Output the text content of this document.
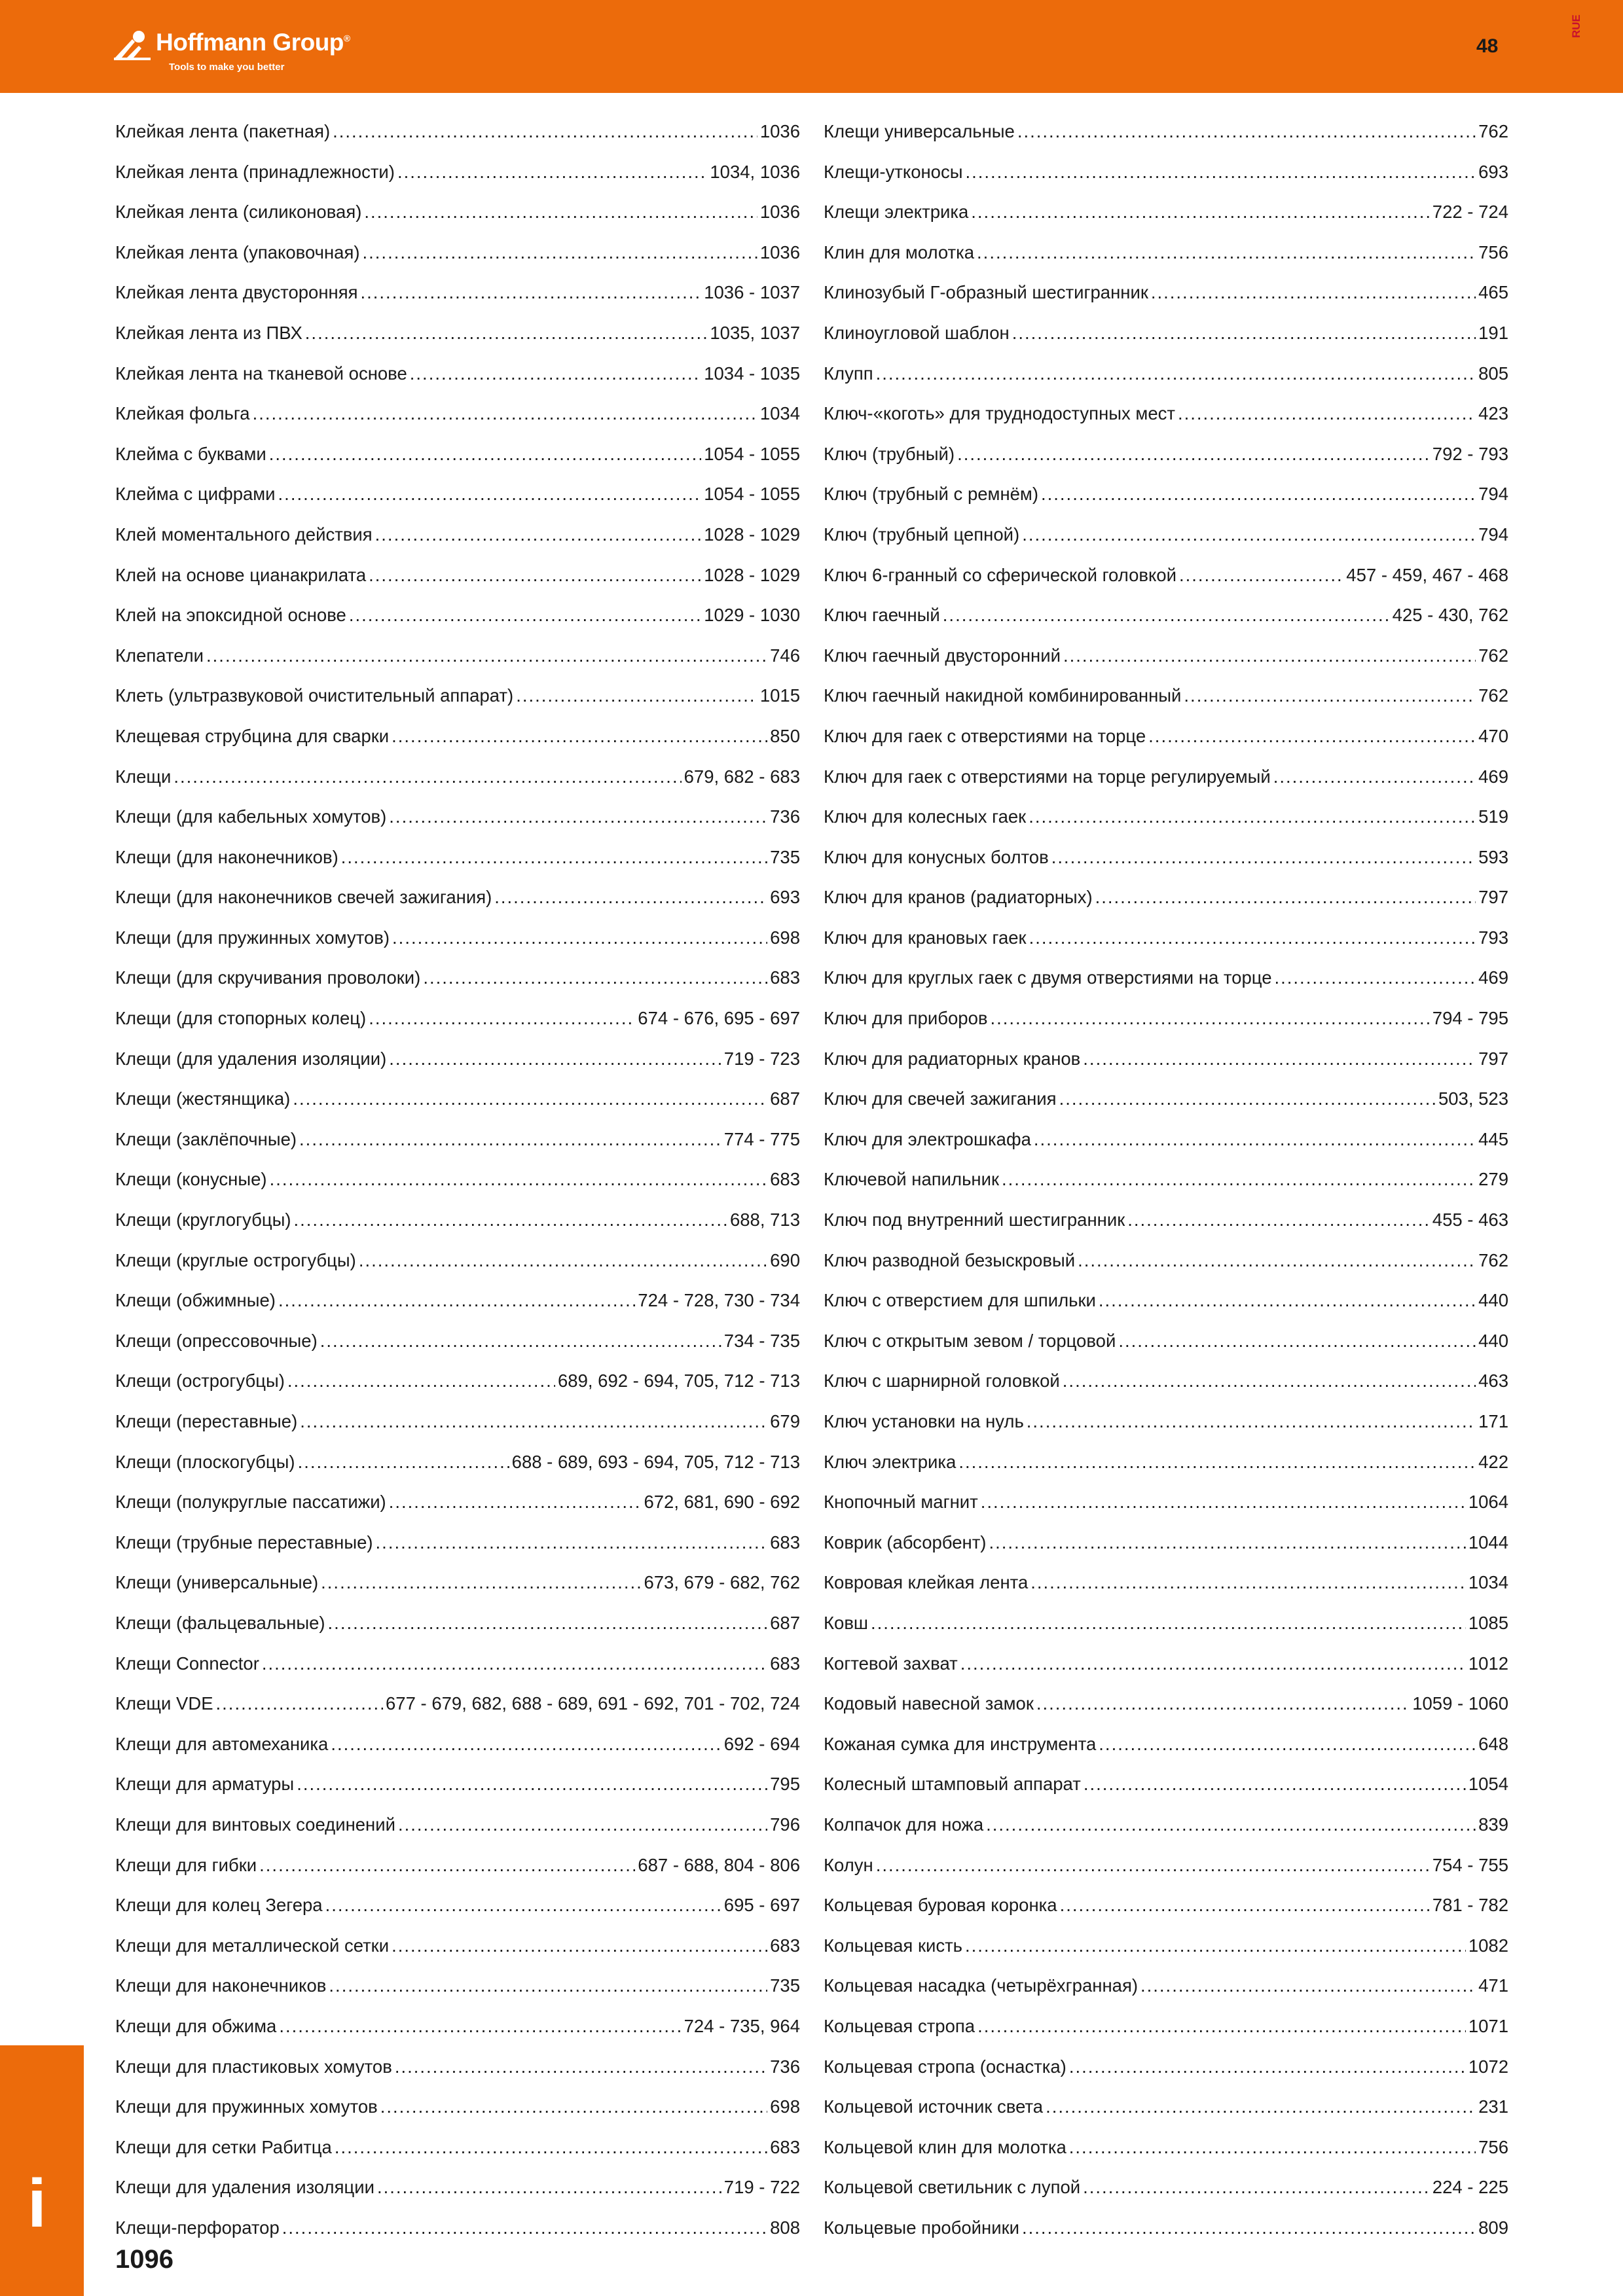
Hoffmann Group®
Tools to make you better
48
RUE
Клейкая лента (пакетная) .....	1036
Клейкая лента (принадлежности) .....	1034, 1036
Клейкая лента (силиконовая) .....	1036
Клейкая лента (упаковочная) .....	1036
Клейкая лента двусторонняя .....	1036 - 1037
Клейкая лента из ПВХ .....	1035, 1037
Клейкая лента на тканевой основе .....	1034 - 1035
Клейкая фольга .....	1034
Клейма с буквами .....	1054 - 1055
Клейма с цифрами .....	1054 - 1055
Клей моментального действия .....	1028 - 1029
Клей на основе цианакрилата .....	1028 - 1029
Клей на эпоксидной основе .....	1029 - 1030
Клепатели .....	746
Клеть (ультразвуковой очистительный аппарат) .....	1015
Клещевая струбцина для сварки .....	850
Клещи .....	679, 682 - 683
Клещи (для кабельных хомутов) .....	736
Клещи (для наконечников) .....	735
Клещи (для наконечников свечей зажигания) .....	693
Клещи (для пружинных хомутов) .....	698
Клещи (для скручивания проволоки) .....	683
Клещи (для стопорных колец) .....	674 - 676, 695 - 697
Клещи (для удаления изоляции) .....	719 - 723
Клещи (жестянщика) .....	687
Клещи (заклёпочные) .....	774 - 775
Клещи (конусные) .....	683
Клещи (круглогубцы) .....	688, 713
Клещи (круглые острогубцы) .....	690
Клещи (обжимные) .....	724 - 728, 730 - 734
Клещи (опрессовочные) .....	734 - 735
Клещи (острогубцы) .....	689, 692 - 694, 705, 712 - 713
Клещи (переставные) .....	679
Клещи (плоскогубцы) .....	688 - 689, 693 - 694, 705, 712 - 713
Клещи (полукруглые пассатижи) .....	672, 681, 690 - 692
Клещи (трубные переставные) .....	683
Клещи (универсальные) .....	673, 679 - 682, 762
Клещи (фальцевальные) .....	687
Клещи Connector .....	683
Клещи VDE .....	677 - 679, 682, 688 - 689, 691 - 692, 701 - 702, 724
Клещи для автомеханика .....	692 - 694
Клещи для арматуры .....	795
Клещи для винтовых соединений .....	796
Клещи для гибки .....	687 - 688, 804 - 806
Клещи для колец Зегера .....	695 - 697
Клещи для металлической сетки .....	683
Клещи для наконечников .....	735
Клещи для обжима .....	724 - 735, 964
Клещи для пластиковых хомутов .....	736
Клещи для пружинных хомутов .....	698
Клещи для сетки Рабитца .....	683
Клещи для удаления изоляции .....	719 - 722
Клещи-перфоратор .....	808
Клещи универсальные .....	762
Клещи-утконосы .....	693
Клещи электрика .....	722 - 724
Клин для молотка .....	756
Клинозубый Г-образный шестигранник .....	465
Клиноугловой шаблон .....	191
Клупп .....	805
Ключ-«коготь» для труднодоступных мест .....	423
Ключ (трубный) .....	792 - 793
Ключ (трубный с ремнём) .....	794
Ключ (трубный цепной) .....	794
Ключ 6-гранный со сферической головкой .....	457 - 459, 467 - 468
Ключ гаечный .....	425 - 430, 762
Ключ гаечный двусторонний .....	762
Ключ гаечный накидной комбинированный .....	762
Ключ для гаек с отверстиями на торце .....	470
Ключ для гаек с отверстиями на торце регулируемый .....	469
Ключ для колесных гаек .....	519
Ключ для конусных болтов .....	593
Ключ для кранов (радиаторных) .....	797
Ключ для крановых гаек .....	793
Ключ для круглых гаек с двумя отверстиями на торце .....	469
Ключ для приборов .....	794 - 795
Ключ для радиаторных кранов .....	797
Ключ для свечей зажигания .....	503, 523
Ключ для электрошкафа .....	445
Ключевой напильник .....	279
Ключ под внутренний шестигранник .....	455 - 463
Ключ разводной безыскровый .....	762
Ключ с отверстием для шпильки .....	440
Ключ с открытым зевом / торцовой .....	440
Ключ с шарнирной головкой .....	463
Ключ установки на нуль .....	171
Ключ электрика .....	422
Кнопочный магнит .....	1064
Коврик (абсорбент) .....	1044
Ковровая клейкая лента .....	1034
Ковш .....	1085
Когтевой захват .....	1012
Кодовый навесной замок .....	1059 - 1060
Кожаная сумка для инструмента .....	648
Колесный штамповый аппарат .....	1054
Колпачок для ножа .....	839
Колун .....	754 - 755
Кольцевая буровая коронка .....	781 - 782
Кольцевая кисть .....	1082
Кольцевая насадка (четырёхгранная) .....	471
Кольцевая стропа .....	1071
Кольцевая стропа (оснастка) .....	1072
Кольцевой источник света .....	231
Кольцевой клин для молотка .....	756
Кольцевой светильник с лупой .....	224 - 225
Кольцевые пробойники .....	809
i
1096
